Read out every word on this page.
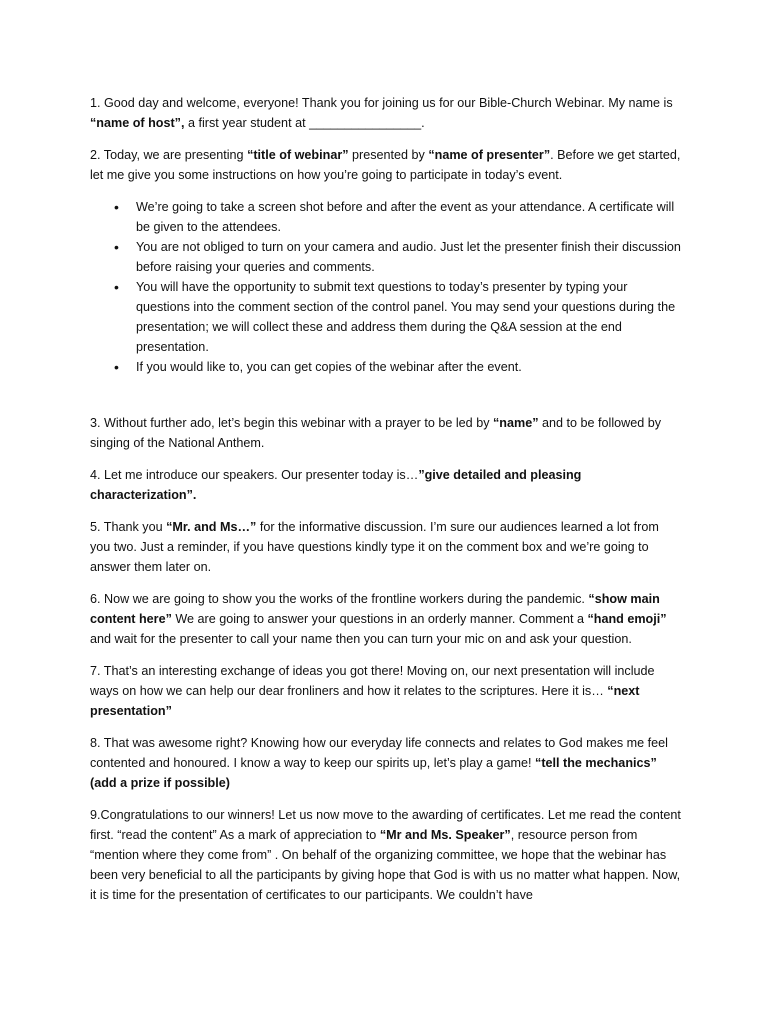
1. Good day and welcome, everyone! Thank you for joining us for our Bible-Church Webinar. My name is “name of host”, a first year student at ________________.

2. Today, we are presenting “title of webinar” presented by “name of presenter”. Before we get started, let me give you some instructions on how you’re going to participate in today’s event.

• We’re going to take a screen shot before and after the event as your attendance. A certificate will be given to the attendees.
• You are not obliged to turn on your camera and audio. Just let the presenter finish their discussion before raising your queries and comments.
• You will have the opportunity to submit text questions to today’s presenter by typing your questions into the comment section of the control panel. You may send your questions during the presentation; we will collect these and address them during the Q&A session at the end presentation.
• If you would like to, you can get copies of the webinar after the event.

3. Without further ado, let’s begin this webinar with a prayer to be led by “name” and to be followed by singing of the National Anthem.

4. Let me introduce our speakers. Our presenter today is…”give detailed and pleasing characterization”.

5. Thank you “Mr. and Ms…” for the informative discussion. I’m sure our audiences learned a lot from you two. Just a reminder, if you have questions kindly type it on the comment box and we’re going to answer them later on.

6. Now we are going to show you the works of the frontline workers during the pandemic. “show main content here” We are going to answer your questions in an orderly manner. Comment a “hand emoji” and wait for the presenter to call your name then you can turn your mic on and ask your question.

7. That’s an interesting exchange of ideas you got there! Moving on, our next presentation will include ways on how we can help our dear fronliners and how it relates to the scriptures. Here it is… “next presentation”

8. That was awesome right? Knowing how our everyday life connects and relates to God makes me feel contented and honoured. I know a way to keep our spirits up, let’s play a game! “tell the mechanics” (add a prize if possible)

9.Congratulations to our winners! Let us now move to the awarding of certificates. Let me read the content first. “read the content” As a mark of appreciation to “Mr and Ms. Speaker”, resource person from “mention where they come from” . On behalf of the organizing committee, we hope that the webinar has been very beneficial to all the participants by giving hope that God is with us no matter what happen. Now, it is time for the presentation of certificates to our participants. We couldn’t have
